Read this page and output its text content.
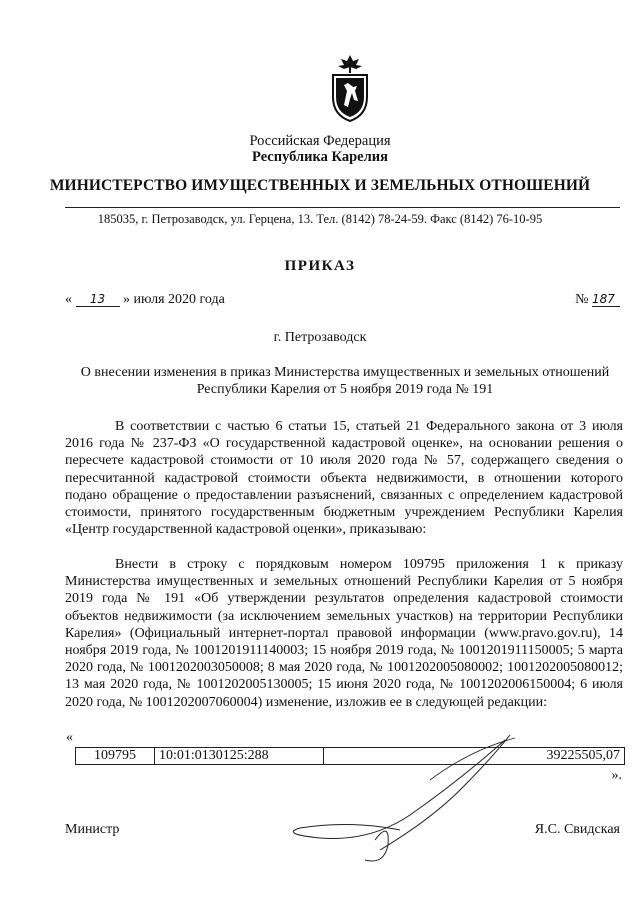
Российская Федерация
Республика Карелия
МИНИСТЕРСТВО ИМУЩЕСТВЕННЫХ И ЗЕМЕЛЬНЫХ ОТНОШЕНИЙ
185035, г. Петрозаводск, ул. Герцена, 13. Тел. (8142) 78-24-59. Факс (8142) 76-10-95
ПРИКАЗ
« 13 » июля 2020 года	№ 187
г. Петрозаводск
О внесении изменения в приказ Министерства имущественных и земельных отношений Республики Карелия от 5 ноября 2019 года № 191

В соответствии с частью 6 статьи 15, статьей 21 Федерального закона от 3 июля 2016 года № 237-ФЗ «О государственной кадастровой оценке», на основании решения о пересчете кадастровой стоимости от 10 июля 2020 года № 57, содержащего сведения о пересчитанной кадастровой стоимости объекта недвижимости, в отношении которого подано обращение о предоставлении разъяснений, связанных с определением кадастровой стоимости, принятого государственным бюджетным учреждением Республики Карелия «Центр государственной кадастровой оценки», приказываю:

Внести в строку с порядковым номером 109795 приложения 1 к приказу Министерства имущественных и земельных отношений Республики Карелия от 5 ноября 2019 года № 191 «Об утверждении результатов определения кадастровой стоимости объектов недвижимости (за исключением земельных участков) на территории Республики Карелия» (Официальный интернет-портал правовой информации (www.pravo.gov.ru), 14 ноября 2019 года, № 1001201911140003; 15 ноября 2019 года, № 1001201911150005; 5 марта 2020 года, № 1001202003050008; 8 мая 2020 года, № 1001202005080002; 1001202005080012; 13 мая 2020 года, № 1001202005130005; 15 июня 2020 года, № 1001202006150004; 6 июля 2020 года, № 1001202007060004) изменение, изложив ее в следующей редакции:

«
109795	10:01:0130125:288	39225505,07
».
Министр	Я.С. Свидская
